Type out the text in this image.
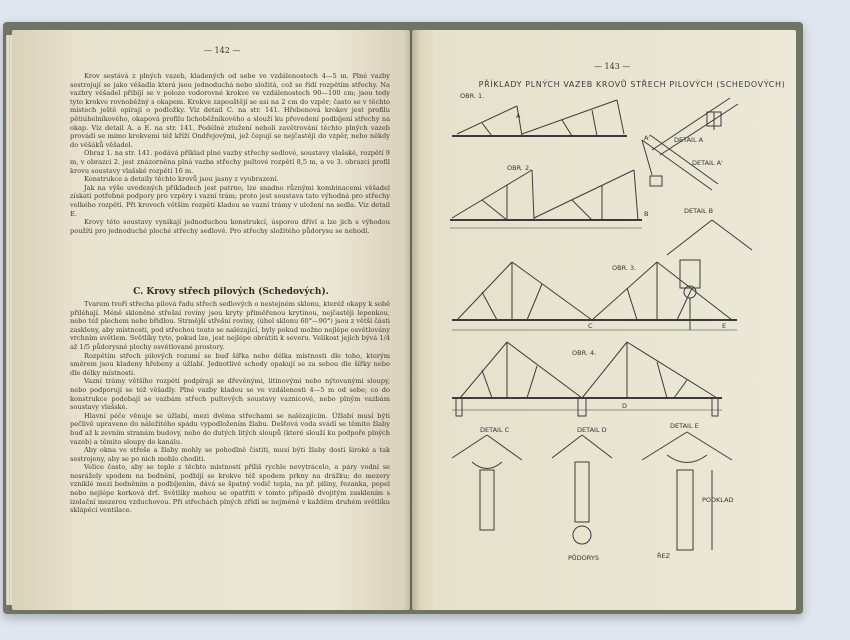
— 142 —

Krov sestává z plných vazeb, kladených od sebe ve vzdálenostech 4—5 m. Plné vazby sestrojují se jako věšadla která jsou jednoduchá nebo složitá, což se řídí rozpětím střechy. Na vazbry věšadel přibíjí se v poloze vodorovné krokve ve vzdálenostech 90—100 cm; jsou tedy tyto krokve rovnoběžný s okapem. Krokve zapouštějí se asi na 2 cm do vzpěr; často se v těchto místech ještě opírají o podložky. Viz detail C. na str. 141. Hřebenová krokev jest profilu pětiúhelníkového, okapová profilu lichoběžníkového a slouží ku převedení podbíjení střechy na okap. Viz detail A. a E. na str. 141. Podélné ztužení neboli zavětrování těchto plných vazeb provádí se mimo krokvemi též kříží Ondřejovými, jež čepují se nejčastěji do vzpěr, nebo někdy do věšáků věšadel.

Obraz 1. na str. 141. podává příklad plné vazby střechy sedlové, soustavy vlašské, rozpětí 9 m, v obrazci 2. jest znázorněna plná vazba střechy pultové rozpětí 8,5 m, a ve 3. obrazci profil krovu soustavy vlašské rozpětí 16 m.

Konstrukce a detaily těchto krovů jsou jasny z vyobrazení.

Jak na výše uvedených příkladech jest patrno, lze snadno různými kombinacemi věšadel získati potřebné podpory pro vzpěry i vazní trám; proto jest soustava tato výhodná pro střechy velkého rozpětí. Při krovech větším rozpětí kladou se vazní trámy v uložení na sedla. Viz detail E.

Krovy této soustavy vynikají jednoduchou konstrukcí, úsporou dříví a lze jich s výhodou použíti pro jednoduché ploché střechy sedlové. Pro střechy složitého půdorysu se nehodí.

C. Krovy střech pilových (Schedových).

Tvarem tvoří střecha pilová řadu střech sedlových o nestejném sklonu, kteréž okapy k sobě přiléhají. Méně skloněné střešní roviny jsou kryty přiměřenou krytinou, nejčastěji lepenkou, nebo též plechem nebo břidlou. Strmější střešní roviny, (úhel sklonu 60°—90°) jsou z větší části zaskleny, aby místnosti, pod střechou touto se nalézající, byly pokud možno nejlépe osvětlovány vrchním světlem. Světlíky tyto, pokud lze, jest nejlépe obrátiti k severu. Velikost jejich bývá 1/4 až 1/5 půdorysné plochy osvětlované prostory.

Rozpětím střech pilových rozumí se buď šířka nebo délka místnosti dle toho, kterým směrem jsou kladeny hřebeny a úžlabí. Jednotlivé schody opakují se za sebou dle šířky nebo dle délky místnosti.

Vazní trámy většího rozpětí podpírají se dřevěnými, litinovými nebo nýtovanými sloupy, nebo podporují se též věšadly. Plné vazby kladou se ve vzdálenosti 4—5 m od sebe; co do konstrukce podobají se vazbám střech pultových soustavy vaznicové, nebo plným vazbám soustavy vlašské.

Hlavní péče věnuje se úžlabí, mezi dvěma střechami se nalézajícím. Úžlabí musí býti pečlivě upraveno do náležitého spádu vypodložením žlabu. Dešťová voda svádí se těmito žlaby buď až k zevním stranám budovy, nebo do dutých litých sloupů (které slouží ku podpoře plných vazeb) a těmito sloupy do kanálu.

Aby okna ve střeše a žlaby mohly se pohodlně čistiti, musí býti žlaby dosti široké a tak sestrojeny, aby se po nich mohlo choditi.

Velice často, aby se teplo z těchto místností příliš rychle nevytrácelo, a páry vodní se nesrážely spodem na bednění, podbíjí se krokve též spodem prkny na drážku; do mezery vzniklé mezi bedněním a podbíjením, dává se špatný vodič tepla, na př. piliny, řezanka, popel nebo nejlépe korková drť. Světlíky mohou se opatřiti v tomto případě dvojitým zasklením s izolační mezerou vzduchovou. Při střechách plných zřídí se nejméně v každém druhém světlíku sklápěcí ventilace.

— 143 —
PŘÍKLADY PLNÝCH VAZEB KROVŮ STŘECH PILOVÝCH (SCHEDOVÝCH)
OBR. 1.
DETAIL A
DETAIL A'
OBR. 2.
DETAIL B
OBR. 3.
OBR. 4.
DETAIL C	DETAIL D	DETAIL E
PŮDORYS
PODKLAD
ŘEZ
A
A'
B
C
D
E
